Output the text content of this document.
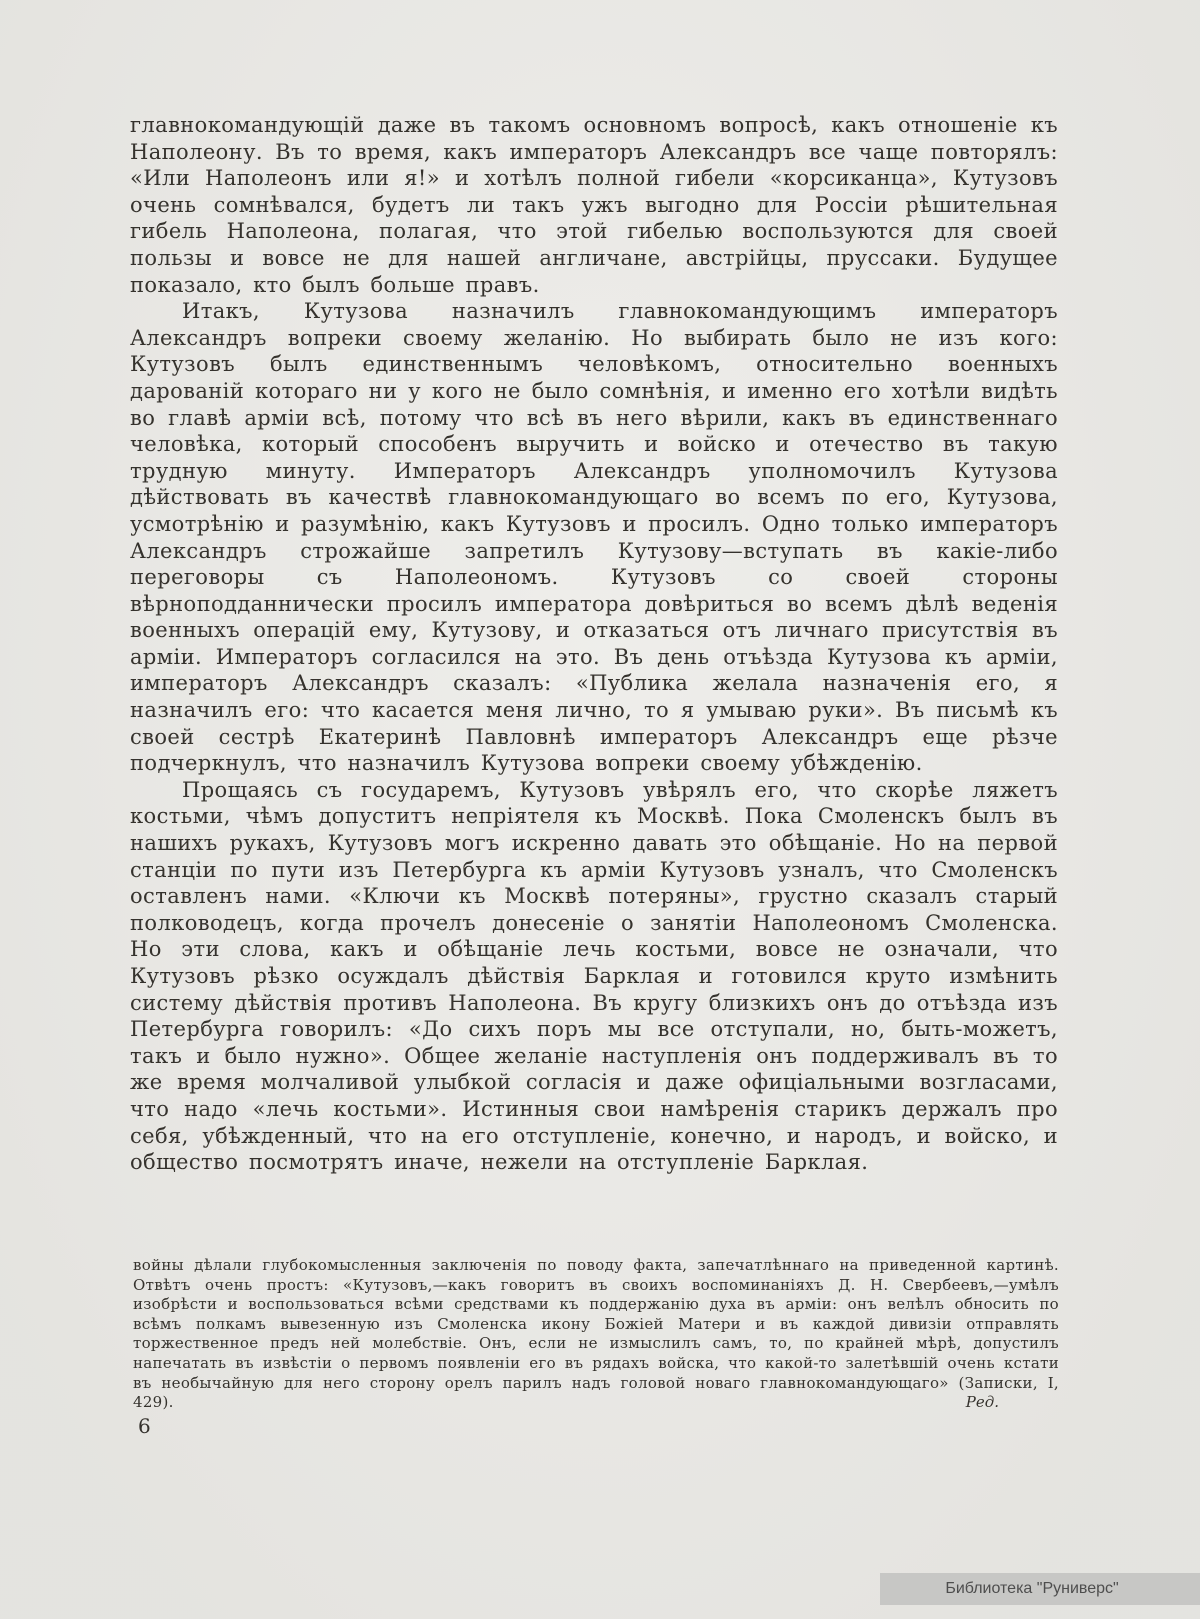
главнокомандующій даже въ такомъ основномъ вопросѣ, какъ отношеніе къ Наполеону. Въ то время, какъ императоръ Александръ все чаще повторялъ: «Или Наполеонъ или я!» и хотѣлъ полной гибели «корсиканца», Кутузовъ очень сомнѣвался, будетъ ли такъ ужъ выгодно для Россіи рѣшительная гибель Наполеона, полагая, что этой гибелью воспользуются для своей пользы и вовсе не для нашей англичане, австрійцы, пруссаки. Будущее показало, кто былъ больше правъ.

Итакъ, Кутузова назначилъ главнокомандующимъ императоръ Александръ вопреки своему желанію. Но выбирать было не изъ кого: Кутузовъ былъ единственнымъ человѣкомъ, относительно военныхъ дарованій котораго ни у кого не было сомнѣнія, и именно его хотѣли видѣть во главѣ арміи всѣ, потому что всѣ въ него вѣрили, какъ въ единственнаго человѣка, который способенъ выручить и войско и отечество въ такую трудную минуту. Императоръ Александръ уполномочилъ Кутузова дѣйствовать въ качествѣ главнокомандующаго во всемъ по его, Кутузова, усмотрѣнію и разумѣнію, какъ Кутузовъ и просилъ. Одно только императоръ Александръ строжайше запретилъ Кутузову—вступать въ какіе-либо переговоры съ Наполеономъ. Кутузовъ со своей стороны вѣрноподданнически просилъ императора довѣриться во всемъ дѣлѣ веденія военныхъ операцій ему, Кутузову, и отказаться отъ личнаго присутствія въ арміи. Императоръ согласился на это. Въ день отъѣзда Кутузова къ арміи, императоръ Александръ сказалъ: «Публика желала назначенія его, я назначилъ его: что касается меня лично, то я умываю руки». Въ письмѣ къ своей сестрѣ Екатеринѣ Павловнѣ императоръ Александръ еще рѣзче подчеркнулъ, что назначилъ Кутузова вопреки своему убѣжденію.

Прощаясь съ государемъ, Кутузовъ увѣрялъ его, что скорѣе ляжетъ костьми, чѣмъ допуститъ непріятеля къ Москвѣ. Пока Смоленскъ былъ въ нашихъ рукахъ, Кутузовъ могъ искренно давать это обѣщаніе. Но на первой станціи по пути изъ Петербурга къ арміи Кутузовъ узналъ, что Смоленскъ оставленъ нами. «Ключи къ Москвѣ потеряны», грустно сказалъ старый полководецъ, когда прочелъ донесеніе о занятіи Наполеономъ Смоленска. Но эти слова, какъ и обѣщаніе лечь костьми, вовсе не означали, что Кутузовъ рѣзко осуждалъ дѣйствія Барклая и готовился круто измѣнить систему дѣйствія противъ Наполеона. Въ кругу близкихъ онъ до отъѣзда изъ Петербурга говорилъ: «До сихъ поръ мы все отступали, но, быть-можетъ, такъ и было нужно». Общее желаніе наступленія онъ поддерживалъ въ то же время молчаливой улыбкой согласія и даже офиціальными возгласами, что надо «лечь костьми». Истинныя свои намѣренія старикъ держалъ про себя, убѣжденный, что на его отступленіе, конечно, и народъ, и войско, и общество посмотрятъ иначе, нежели на отступленіе Барклая.

войны дѣлали глубокомысленныя заключенія по поводу факта, запечатлѣннаго на приведенной картинѣ. Отвѣтъ очень простъ: «Кутузовъ,—какъ говоритъ въ своихъ воспоминаніяхъ Д. Н. Свербеевъ,—умѣлъ изобрѣсти и воспользоваться всѣми средствами къ поддержанію духа въ арміи: онъ велѣлъ обносить по всѣмъ полкамъ вывезенную изъ Смоленска икону Божіей Матери и въ каждой дивизіи отправлять торжественное предъ ней молебствіе. Онъ, если не измыслилъ самъ, то, по крайней мѣрѣ, допустилъ напечатать въ извѣстіи о первомъ появленіи его въ рядахъ войска, что какой-то залетѣвшій очень кстати въ необычайную для него сторону орелъ парилъ надъ головой новаго главнокомандующаго» (Записки, I, 429).	Ред.
6
Библиотека "Руниверс"
